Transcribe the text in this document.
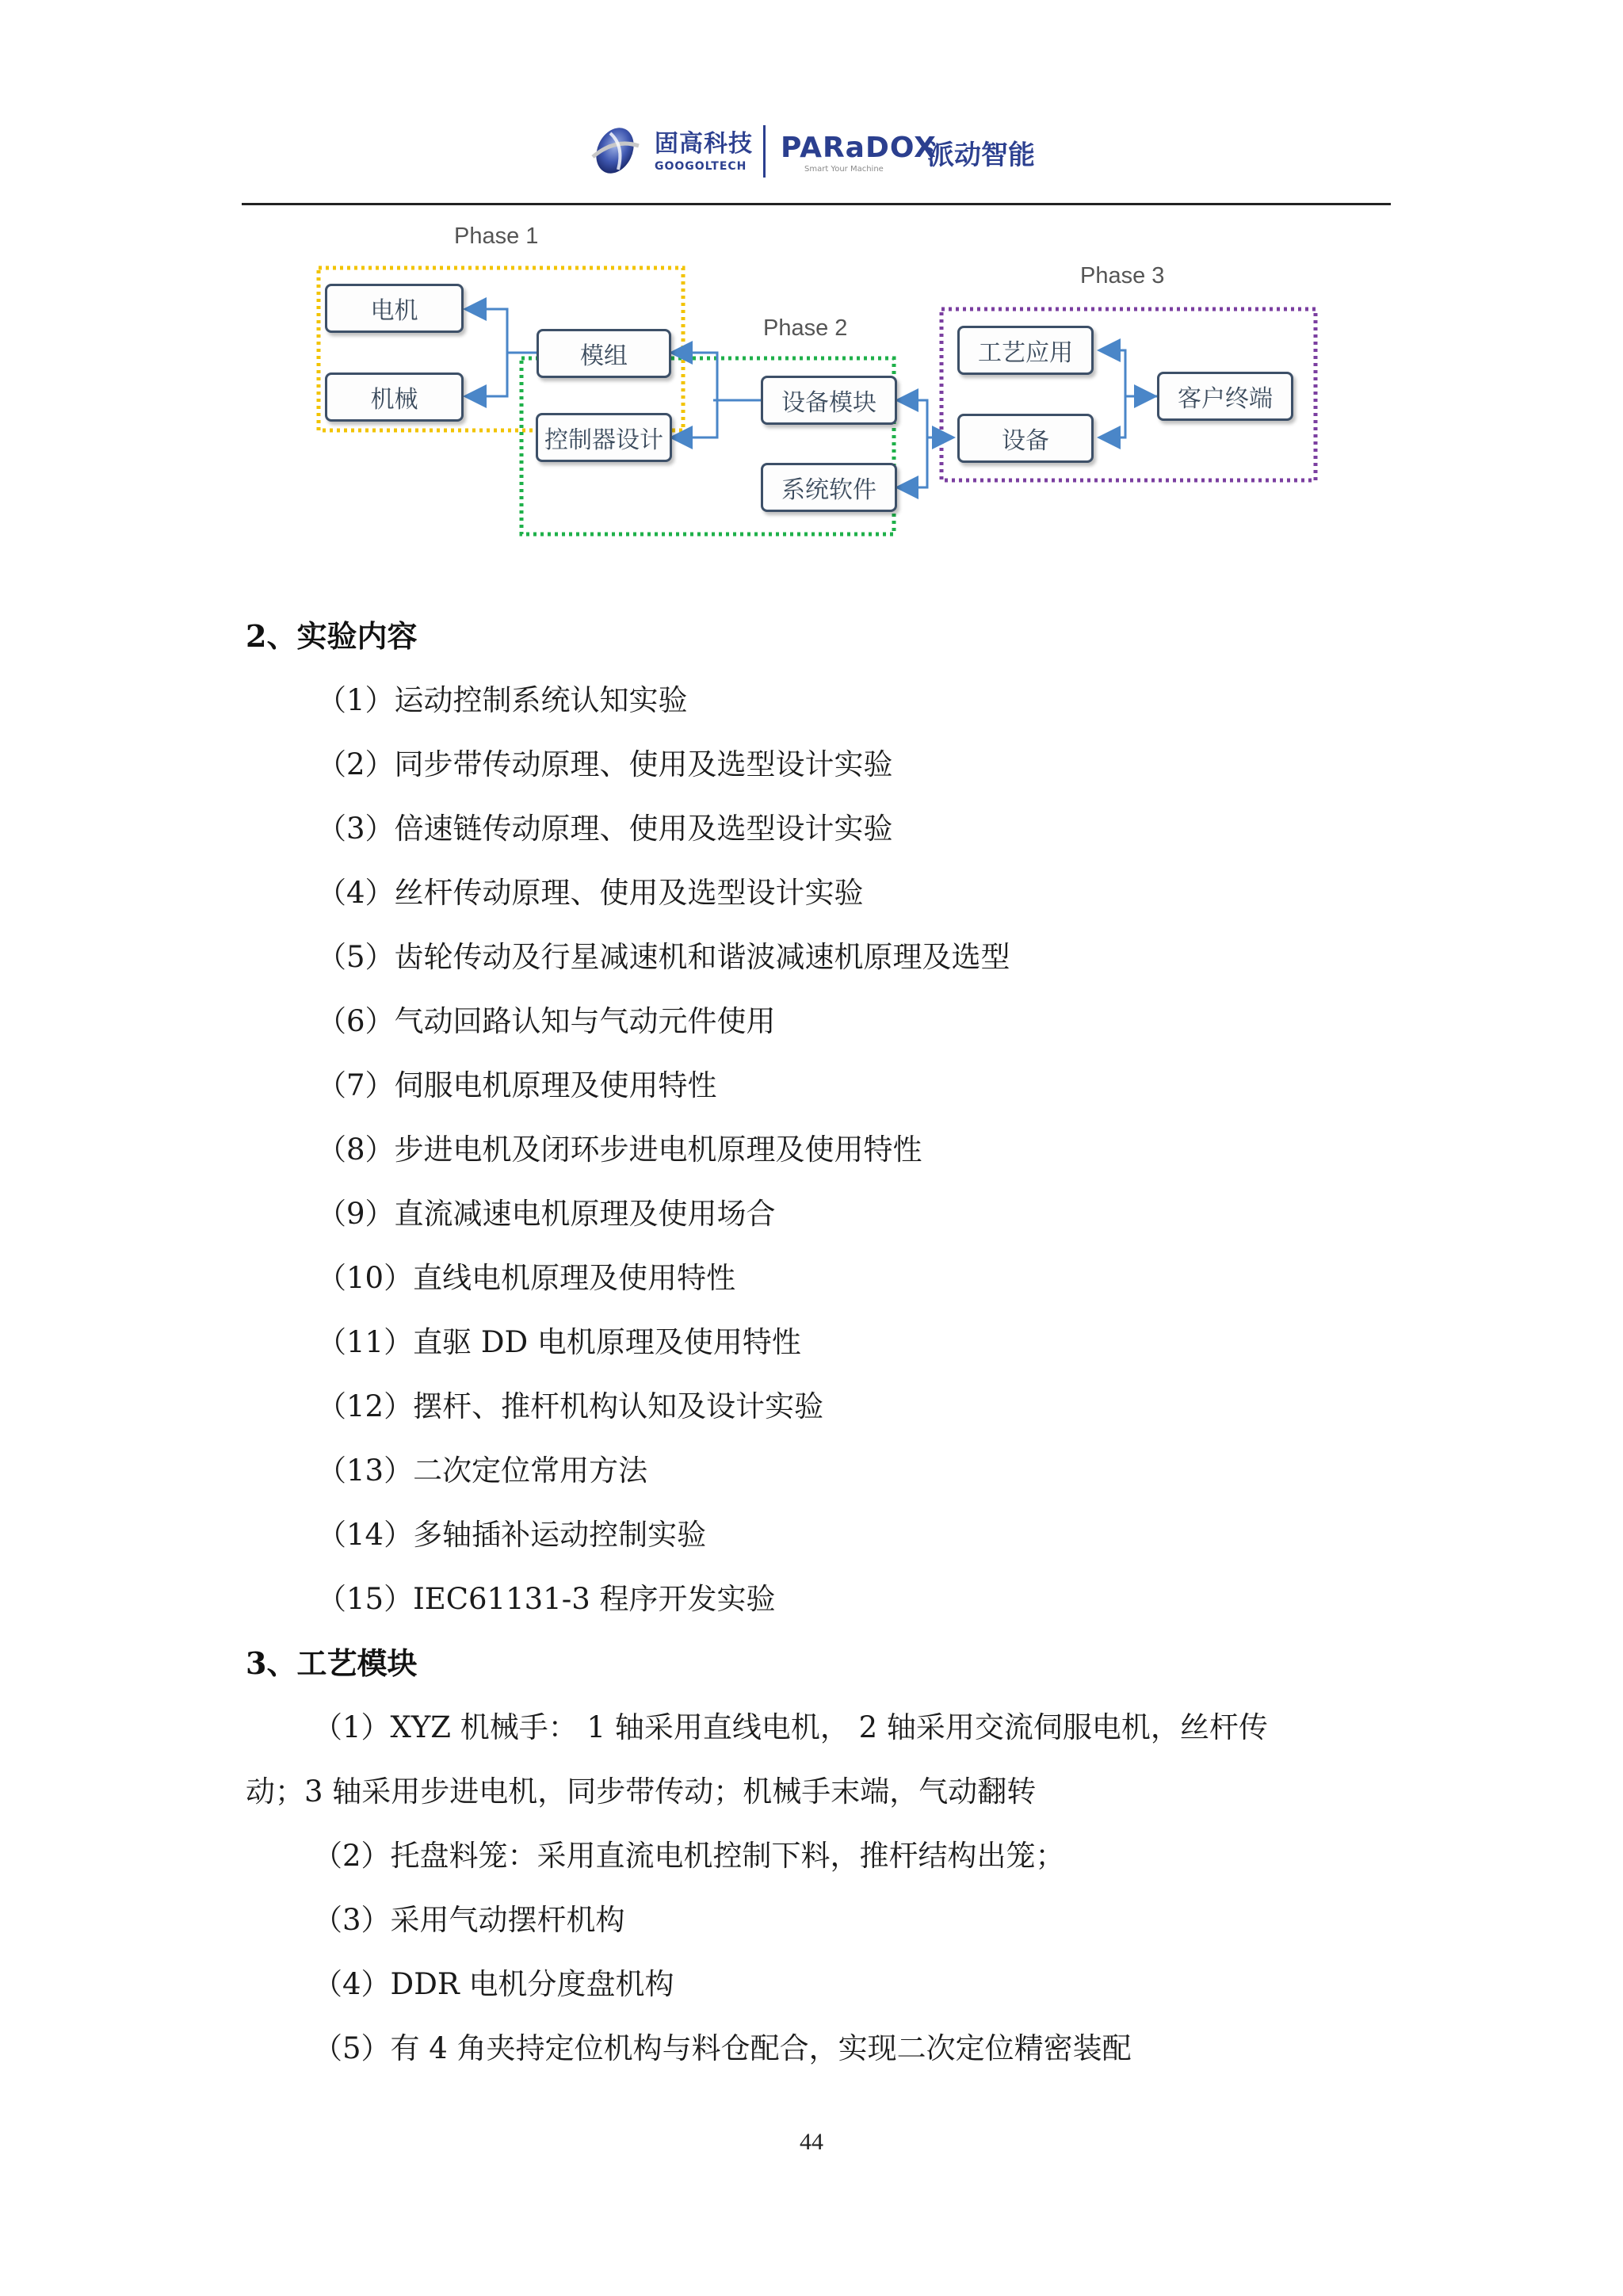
固高科技
GOOGOLTECH
PARaDOX
Smart Your Machine 派动智能
Phase 1
Phase 2
Phase 3
电机
机械
模组
控制器设计
设备模块
系统软件
工艺应用
设备
客户终端
2、实验内容
（1）运动控制系统认知实验
（2）同步带传动原理、使用及选型设计实验
（3）倍速链传动原理、使用及选型设计实验
（4）丝杆传动原理、使用及选型设计实验
（5）齿轮传动及行星减速机和谐波减速机原理及选型
（6）气动回路认知与气动元件使用
（7）伺服电机原理及使用特性
（8）步进电机及闭环步进电机原理及使用特性
（9）直流减速电机原理及使用场合
（10）直线电机原理及使用特性
（11）直驱 DD 电机原理及使用特性
（12）摆杆、推杆机构认知及设计实验
（13）二次定位常用方法
（14）多轴插补运动控制实验
（15）IEC61131-3 程序开发实验
3、工艺模块
（1）XYZ 机械手： 1 轴采用直线电机， 2 轴采用交流伺服电机，丝杆传
动；3 轴采用步进电机，同步带传动；机械手末端，气动翻转
（2）托盘料笼：采用直流电机控制下料，推杆结构出笼；
（3）采用气动摆杆机构
（4）DDR 电机分度盘机构
（5）有 4 角夹持定位机构与料仓配合，实现二次定位精密装配
44
